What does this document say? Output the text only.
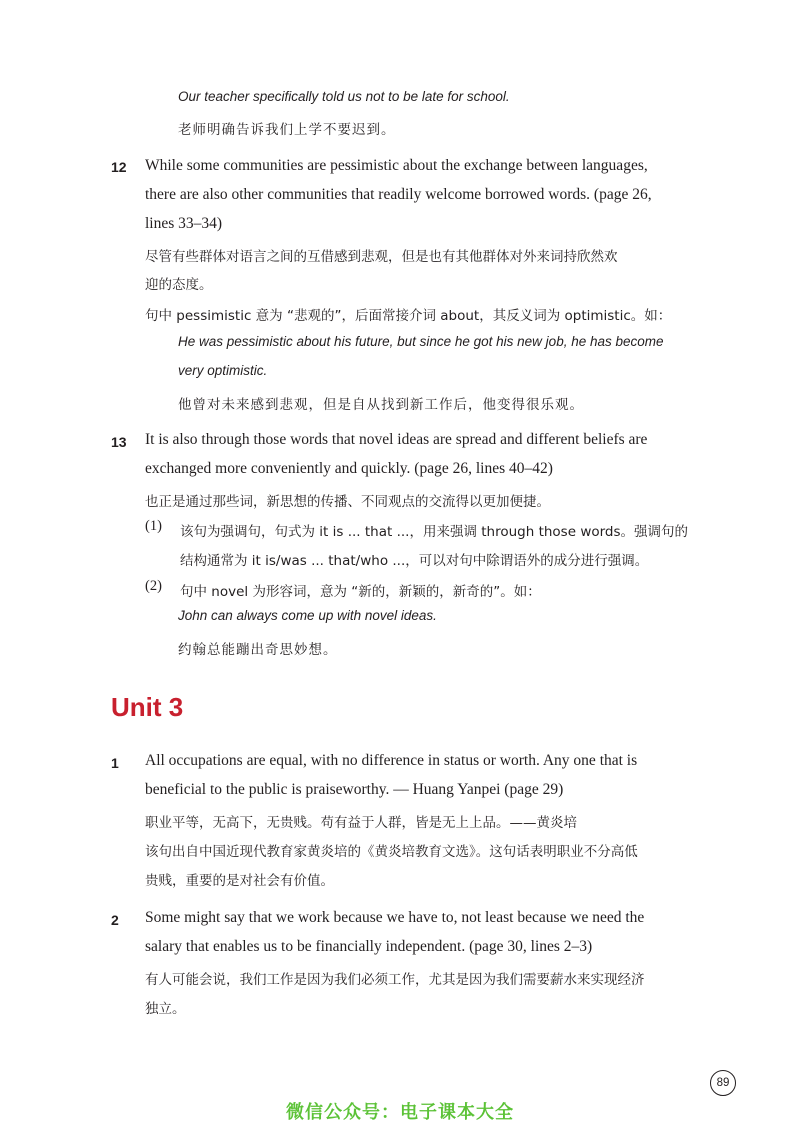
Our teacher specifically told us not to be late for school.
老师明确告诉我们上学不要迟到。
12 While some communities are pessimistic about the exchange between languages,
there are also other communities that readily welcome borrowed words. (page 26,
lines 33–34)
尽管有些群体对语言之间的互借感到悲观，但是也有其他群体对外来词持欣然欢
迎的态度。
句中 pessimistic 意为 “悲观的”，后面常接介词 about，其反义词为 optimistic。如：
He was pessimistic about his future, but since he got his new job, he has become
very optimistic.
他曾对未来感到悲观，但是自从找到新工作后，他变得很乐观。
13 It is also through those words that novel ideas are spread and different beliefs are
exchanged more conveniently and quickly. (page 26, lines 40–42)
也正是通过那些词，新思想的传播、不同观点的交流得以更加便捷。
(1) 该句为强调句，句式为 it is ... that ...，用来强调 through those words。强调句的
结构通常为 it is/was ... that/who ...，可以对句中除谓语外的成分进行强调。
(2) 句中 novel 为形容词，意为 “新的，新颖的，新奇的”。如：
John can always come up with novel ideas.
约翰总能蹦出奇思妙想。
Unit 3
1 All occupations are equal, with no difference in status or worth. Any one that is
beneficial to the public is praiseworthy. — Huang Yanpei (page 29)
职业平等，无高下，无贵贱。苟有益于人群，皆是无上上品。——黄炎培
该句出自中国近现代教育家黄炎培的《黄炎培教育文选》。这句话表明职业不分高低
贵贱，重要的是对社会有价值。
2 Some might say that we work because we have to, not least because we need the
salary that enables us to be financially independent. (page 30, lines 2–3)
有人可能会说，我们工作是因为我们必须工作，尤其是因为我们需要薪水来实现经济
独立。
89
微信公众号：电子课本大全
